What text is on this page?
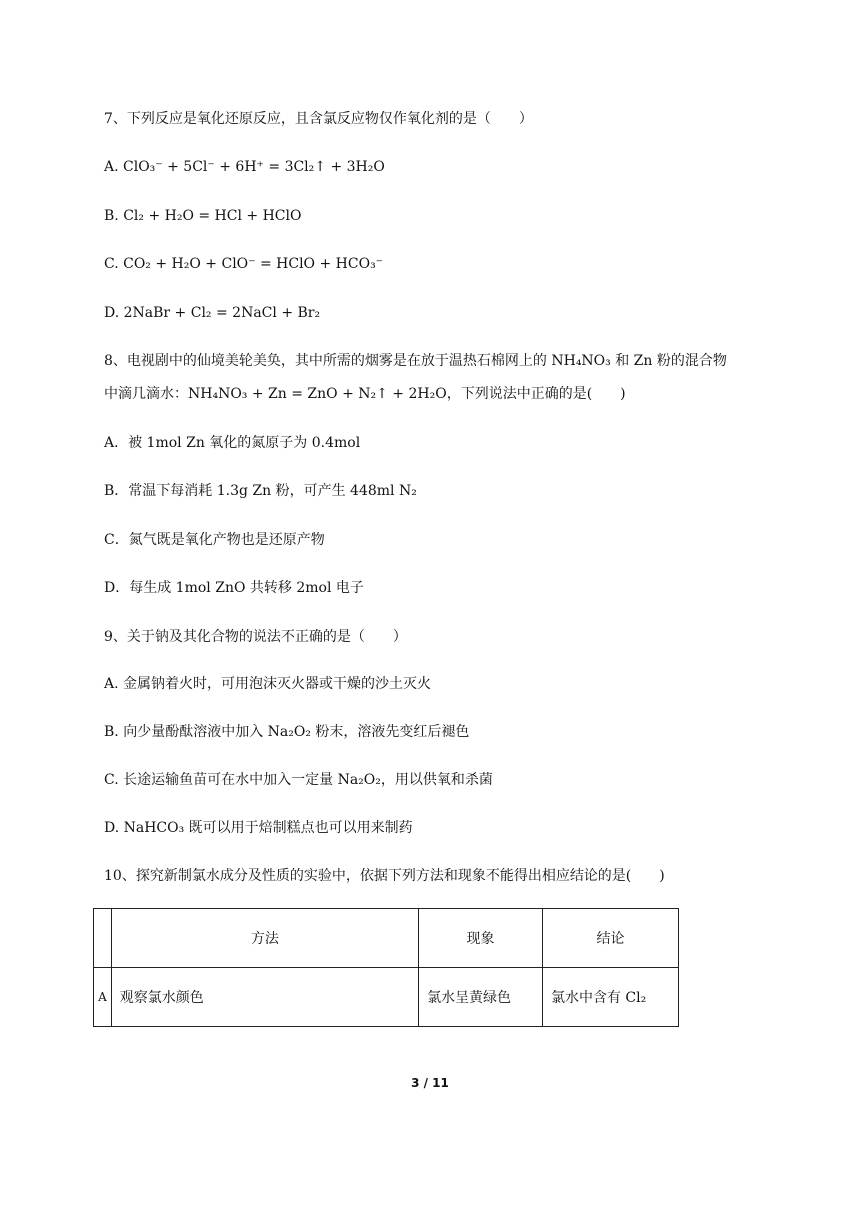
7、下列反应是氧化还原反应，且含氯反应物仅作氧化剂的是（　　）
A. ClO₃⁻ + 5Cl⁻ + 6H⁺ = 3Cl₂↑ + 3H₂O
B. Cl₂ + H₂O = HCl + HClO
C. CO₂ + H₂O + ClO⁻ = HClO + HCO₃⁻
D. 2NaBr + Cl₂ = 2NaCl + Br₂
8、电视剧中的仙境美轮美奂，其中所需的烟雾是在放于温热石棉网上的 NH₄NO₃ 和 Zn 粉的混合物
中滴几滴水：NH₄NO₃ + Zn = ZnO + N₂↑ + 2H₂O，下列说法中正确的是(　　)
A．被 1mol Zn 氧化的氮原子为 0.4mol
B．常温下每消耗 1.3g Zn 粉，可产生 448ml N₂
C．氮气既是氧化产物也是还原产物
D．每生成 1mol ZnO 共转移 2mol 电子
9、关于钠及其化合物的说法不正确的是（　　）
A. 金属钠着火时，可用泡沫灭火器或干燥的沙土灭火
B. 向少量酚酞溶液中加入 Na₂O₂ 粉末，溶液先变红后褪色
C. 长途运输鱼苗可在水中加入一定量 Na₂O₂，用以供氧和杀菌
D. NaHCO₃ 既可以用于焙制糕点也可以用来制药
10、探究新制氯水成分及性质的实验中，依据下列方法和现象不能得出相应结论的是(　　)
	方法	现象	结论
A	观察氯水颜色	氯水呈黄绿色	氯水中含有 Cl₂
3 / 11
